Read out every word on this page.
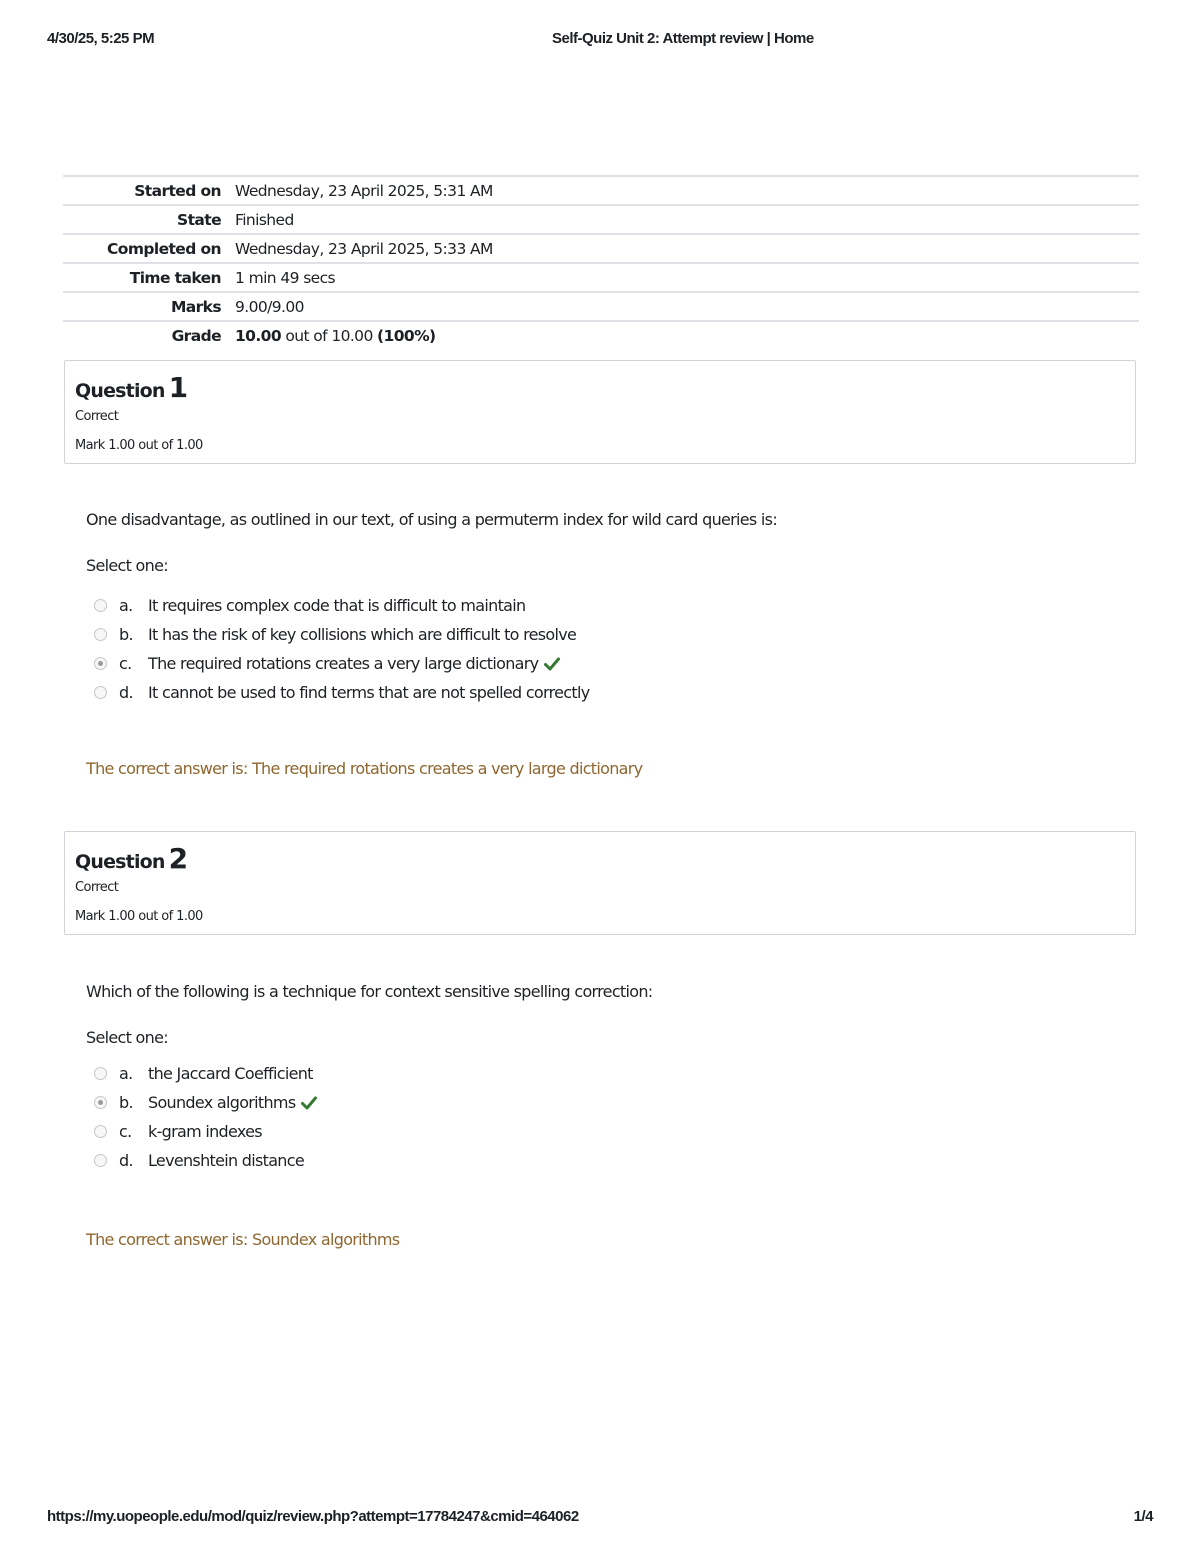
4/30/25, 5:25 PM	Self-Quiz Unit 2: Attempt review | Home
Started on	Wednesday, 23 April 2025, 5:31 AM
State	Finished
Completed on	Wednesday, 23 April 2025, 5:33 AM
Time taken	1 min 49 secs
Marks	9.00/9.00
Grade	10.00 out of 10.00 (100%)
Question 1
Correct
Mark 1.00 out of 1.00
One disadvantage, as outlined in our text, of using a permuterm index for wild card queries is:
Select one:
a. It requires complex code that is difficult to maintain
b. It has the risk of key collisions which are difficult to resolve
c.	The required rotations creates a very large dictionary
d. It cannot be used to find terms that are not spelled correctly
The correct answer is: The required rotations creates a very large dictionary
Question 2
Correct
Mark 1.00 out of 1.00
Which of the following is a technique for context sensitive spelling correction:
Select one:
a. the Jaccard Coefficient
b. Soundex algorithms
c.	k-gram indexes
d. Levenshtein distance
The correct answer is: Soundex algorithms
https://my.uopeople.edu/mod/quiz/review.php?attempt=17784247&cmid=464062	1/4
